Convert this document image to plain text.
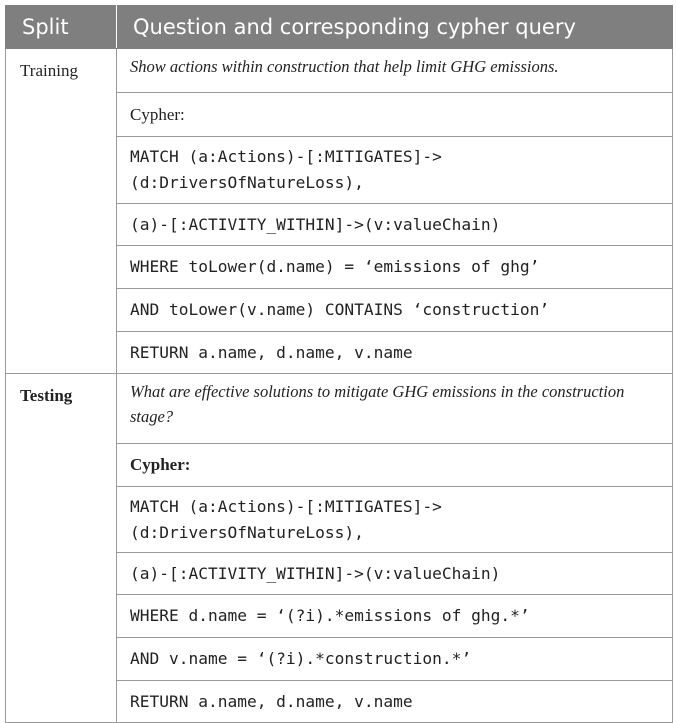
Split	Question and corresponding cypher query
Training	Show actions within construction that help limit GHG emissions.
	Cypher:
	MATCH (a:Actions)-[:MITIGATES]->(d:DriversOfNatureLoss),
	(a)-[:ACTIVITY_WITHIN]->(v:valueChain)
	WHERE toLower(d.name) = ‘emissions of ghg’
	AND toLower(v.name) CONTAINS ‘construction’
	RETURN a.name, d.name, v.name
Testing	What are effective solutions to mitigate GHG emissions in the construction stage?
	Cypher:
	MATCH (a:Actions)-[:MITIGATES]->(d:DriversOfNatureLoss),
	(a)-[:ACTIVITY_WITHIN]->(v:valueChain)
	WHERE d.name = ‘(?i).*emissions of ghg.*’
	AND v.name = ‘(?i).*construction.*’
	RETURN a.name, d.name, v.name
